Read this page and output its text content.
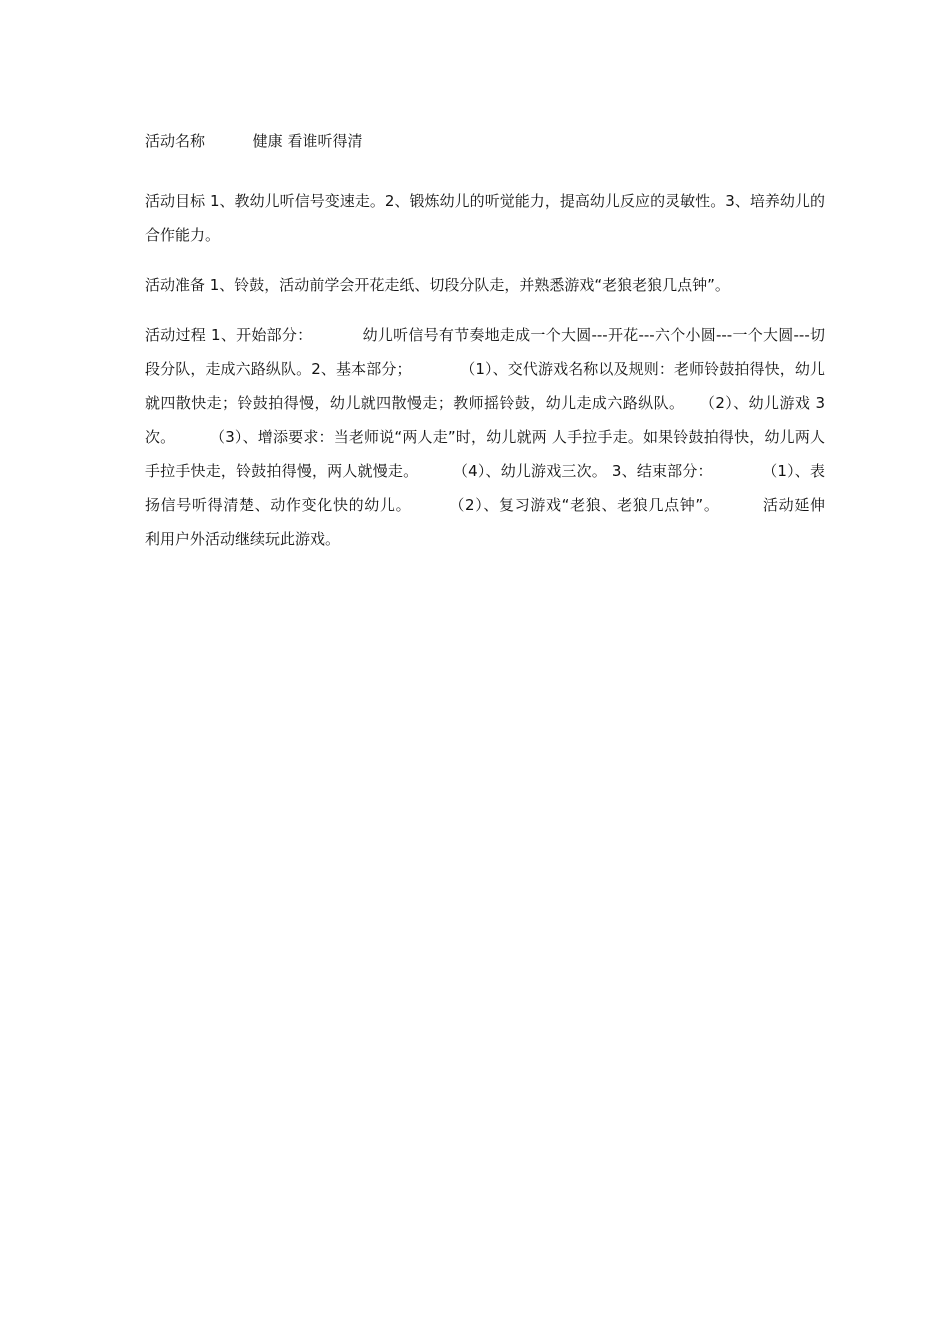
活动名称          健康 看谁听得清

活动目标 1、教幼儿听信号变速走。2、锻炼幼儿的听觉能力，提高幼儿反应的灵敏性。3、培养幼儿的合作能力。

活动准备 1、铃鼓，活动前学会开花走纸、切段分队走，并熟悉游戏“老狼老狼几点钟”。

活动过程 1、开始部分：          幼儿听信号有节奏地走成一个大圆---开花---六个小圆---一个大圆---切段分队，走成六路纵队。2、基本部分；          （1）、交代游戏名称以及规则：老师铃鼓拍得快，幼儿就四散快走；铃鼓拍得慢，幼儿就四散慢走；教师摇铃鼓，幼儿走成六路纵队。   （2）、幼儿游戏 3 次。       （3）、增添要求：当老师说“两人走”时，幼儿就两 人手拉手走。如果铃鼓拍得快，幼儿两人手拉手快走，铃鼓拍得慢，两人就慢走。       （4）、幼儿游戏三次。 3、结束部分：          （1）、表扬信号听得清楚、动作变化快的幼儿。       （2）、复习游戏“老狼、老狼几点钟”。        活动延伸         利用户外活动继续玩此游戏。
